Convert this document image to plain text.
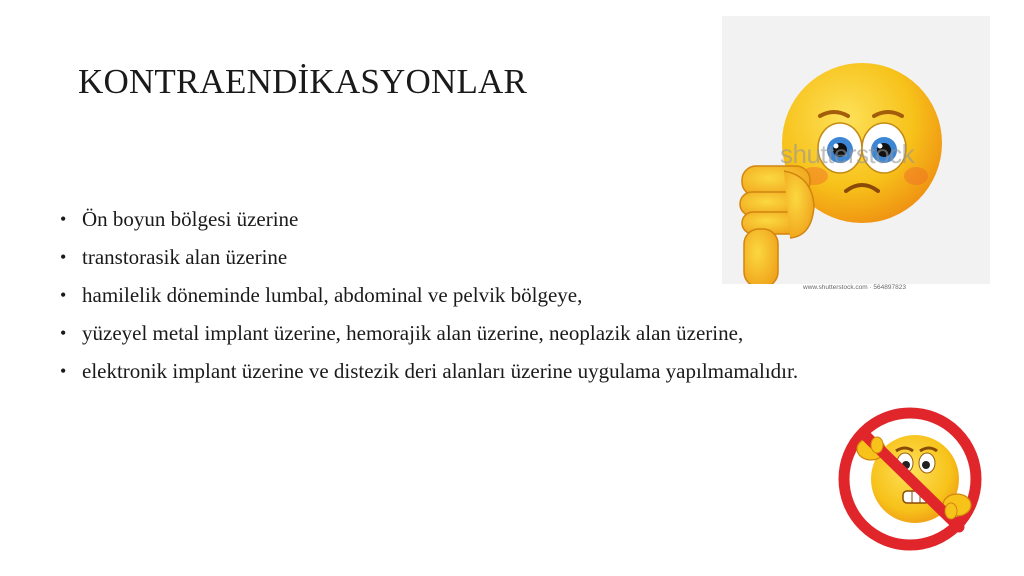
KONTRAENDİKASYONLAR
• Ön boyun bölgesi üzerine
• transtorasik alan üzerine
• hamilelik döneminde lumbal, abdominal ve pelvik bölgeye,
• yüzeyel metal implant üzerine, hemorajik alan üzerine, neoplazik alan üzerine,
• elektronik implant üzerine ve distezik deri alanları üzerine uygulama yapılmamalıdır.
shutterstock
www.shutterstock.com · 564897823
